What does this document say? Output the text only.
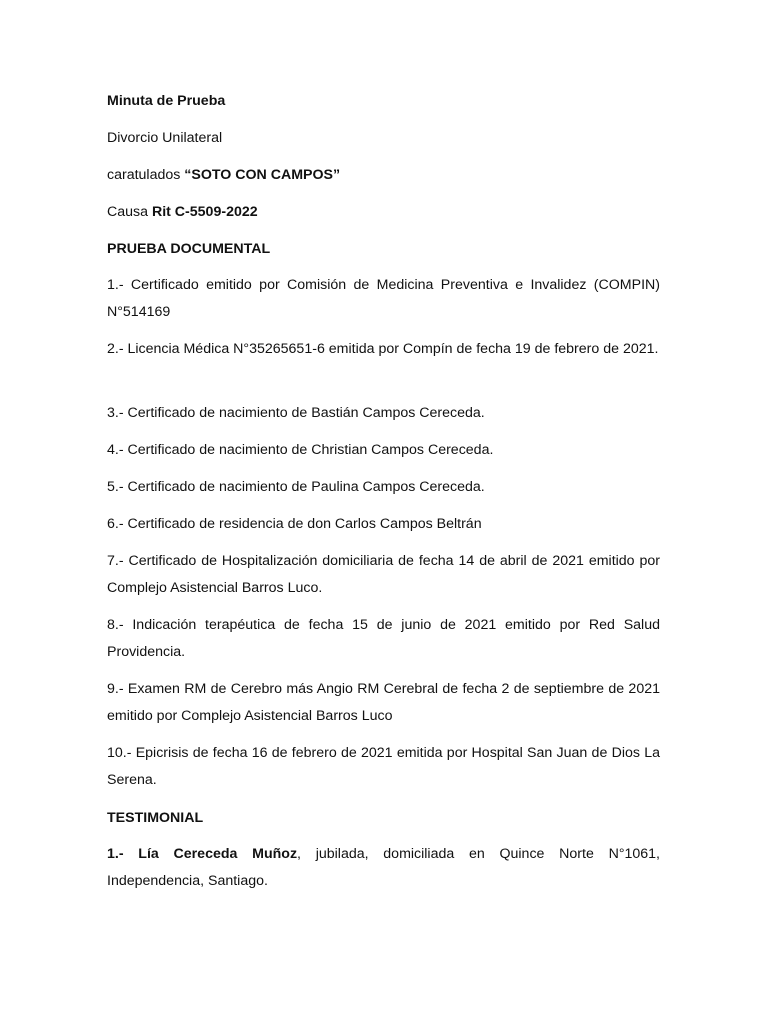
Minuta de Prueba
Divorcio Unilateral
caratulados “SOTO CON CAMPOS”
Causa Rit C-5509-2022
PRUEBA DOCUMENTAL
1.- Certificado emitido por Comisión de Medicina Preventiva e Invalidez (COMPIN) N°514169
2.- Licencia Médica N°35265651-6 emitida por Compín de fecha 19 de febrero de 2021.
3.- Certificado de nacimiento de Bastián Campos Cereceda.
4.- Certificado de nacimiento de Christian Campos Cereceda.
5.- Certificado de nacimiento de Paulina Campos Cereceda.
6.- Certificado de residencia de don Carlos Campos Beltrán
7.- Certificado de Hospitalización domiciliaria de fecha 14 de abril de 2021 emitido por Complejo Asistencial Barros Luco.
8.- Indicación terapéutica de fecha 15 de junio de 2021 emitido por Red Salud Providencia.
9.- Examen RM de Cerebro más Angio RM Cerebral de fecha 2 de septiembre de 2021 emitido por Complejo Asistencial Barros Luco
10.- Epicrisis de fecha 16 de febrero de 2021 emitida por Hospital San Juan de Dios La Serena.
TESTIMONIAL
1.- Lía Cereceda Muñoz, jubilada, domiciliada en Quince Norte N°1061, Independencia, Santiago.
